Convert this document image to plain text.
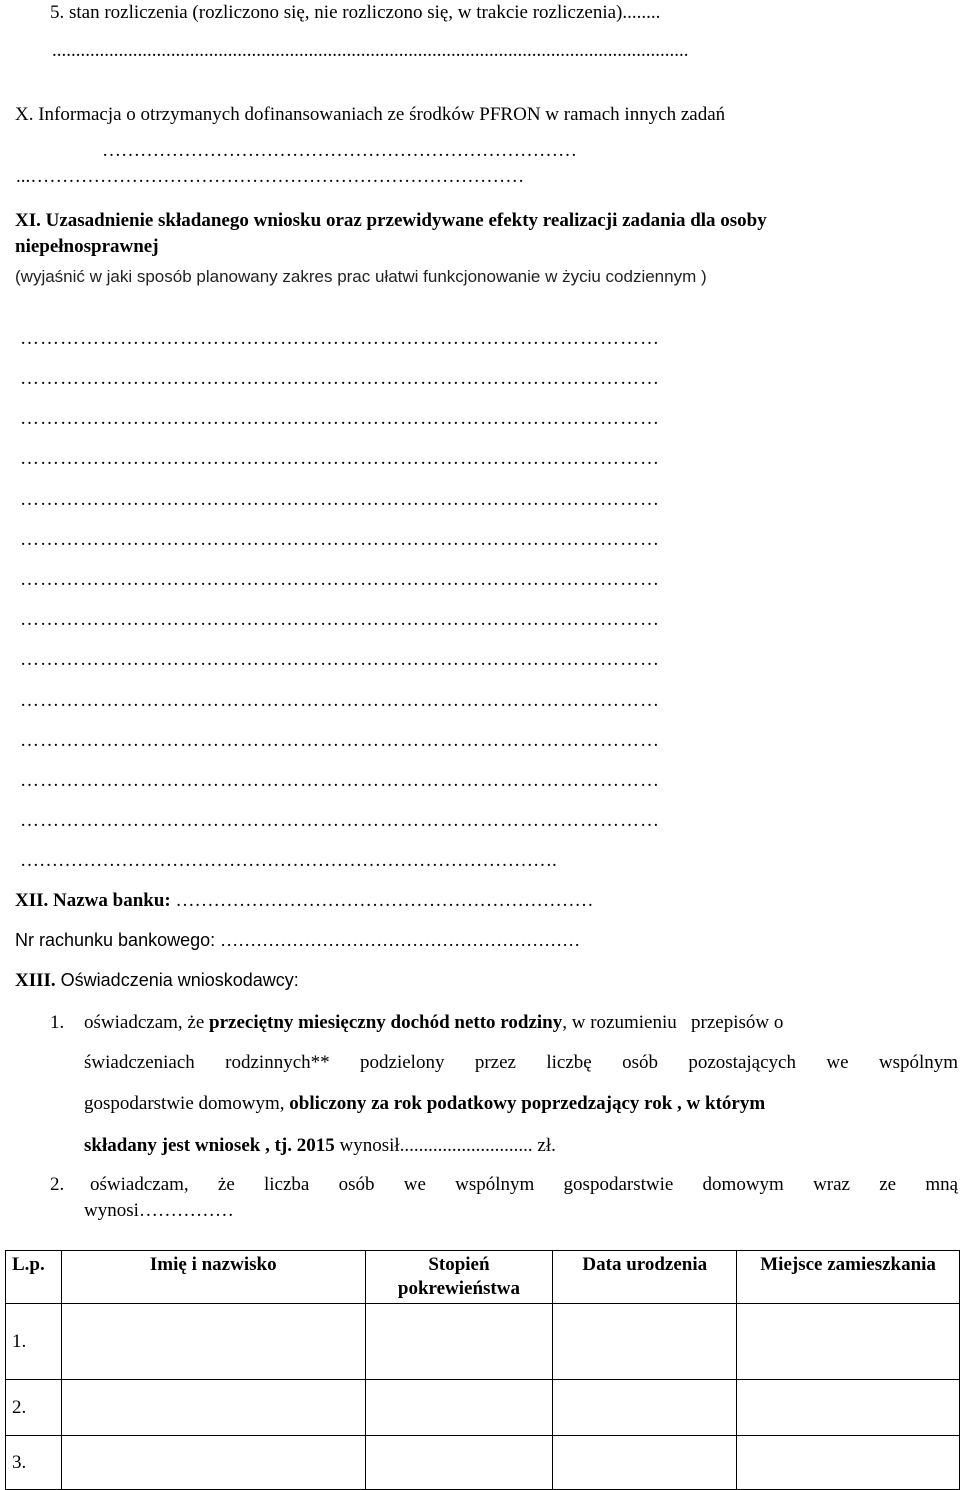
5. stan rozliczenia (rozliczono się, nie rozliczono się, w trakcie rozliczenia)........
......................................................................................................................................
X. Informacja o otrzymanych dofinansowaniach ze środków PFRON w ramach innych zadań
…………………………………………………………………
...……………………………………………………………………
XI. Uzasadnienie składanego wniosku oraz przewidywane efekty realizacji zadania dla osoby
niepełnosprawnej
(wyjaśnić w jaki sposób planowany zakres prac ułatwi funkcjonowanie w życiu codziennym )
……………………………………………………………………………………
……………………………………………………………………………………
……………………………………………………………………………………
……………………………………………………………………………………
……………………………………………………………………………………
……………………………………………………………………………………
……………………………………………………………………………………
……………………………………………………………………………………
……………………………………………………………………………………
……………………………………………………………………………………
……………………………………………………………………………………
……………………………………………………………………………………
……………………………………………………………………………………
………………………………………………………………………….
XII. Nazwa banku: …………………………………………………………
Nr rachunku bankowego: ……………………………………………………
XIII. Oświadczenia wnioskodawcy:
1. oświadczam, że przeciętny miesięczny dochód netto rodziny, w rozumieniu przepisów o
świadczeniach rodzinnych** podzielony przez liczbę osób pozostających we wspólnym
gospodarstwie domowym, obliczony za rok podatkowy poprzedzający rok , w którym
składany jest wniosek , tj. 2015 wynosił............................ zł.
2. oświadczam, że liczba osób we wspólnym gospodarstwie domowym wraz ze mną
wynosi……………
L.p.	Imię i nazwisko	Stopień pokrewieństwa	Data urodzenia	Miejsce zamieszkania
1.				
2.				
3.				
